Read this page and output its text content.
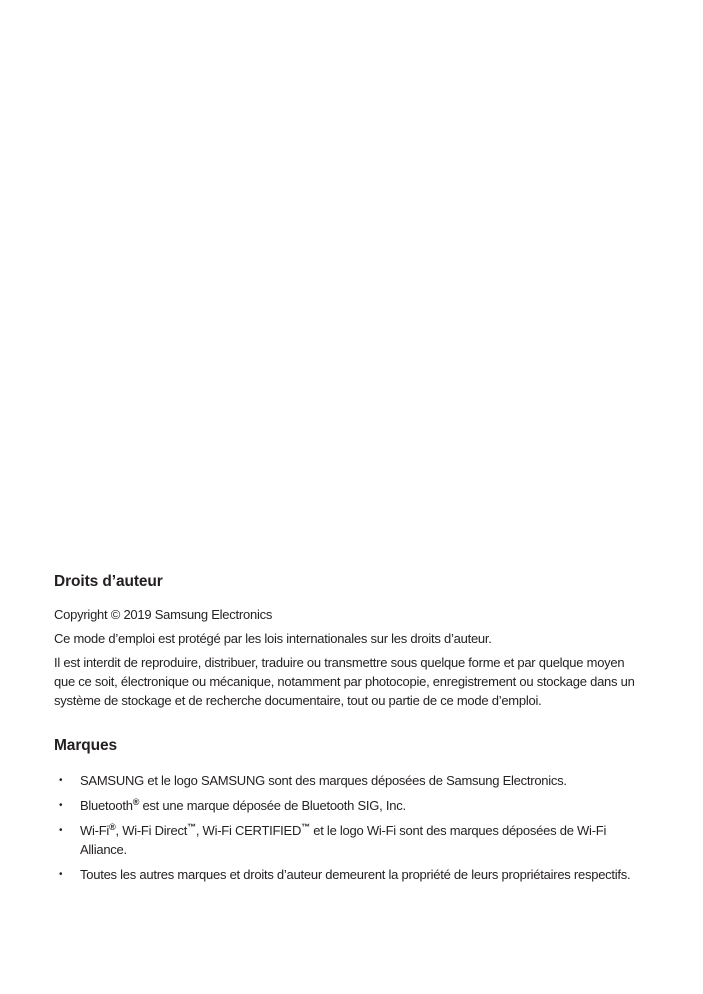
Droits d’auteur

Copyright © 2019 Samsung Electronics

Ce mode d’emploi est protégé par les lois internationales sur les droits d’auteur.

Il est interdit de reproduire, distribuer, traduire ou transmettre sous quelque forme et par quelque moyen que ce soit, électronique ou mécanique, notamment par photocopie, enregistrement ou stockage dans un système de stockage et de recherche documentaire, tout ou partie de ce mode d’emploi.

Marques
• SAMSUNG et le logo SAMSUNG sont des marques déposées de Samsung Electronics.
• Bluetooth® est une marque déposée de Bluetooth SIG, Inc.
• Wi-Fi®, Wi-Fi Direct™, Wi-Fi CERTIFIED™ et le logo Wi-Fi sont des marques déposées de Wi-Fi Alliance.
• Toutes les autres marques et droits d’auteur demeurent la propriété de leurs propriétaires respectifs.
